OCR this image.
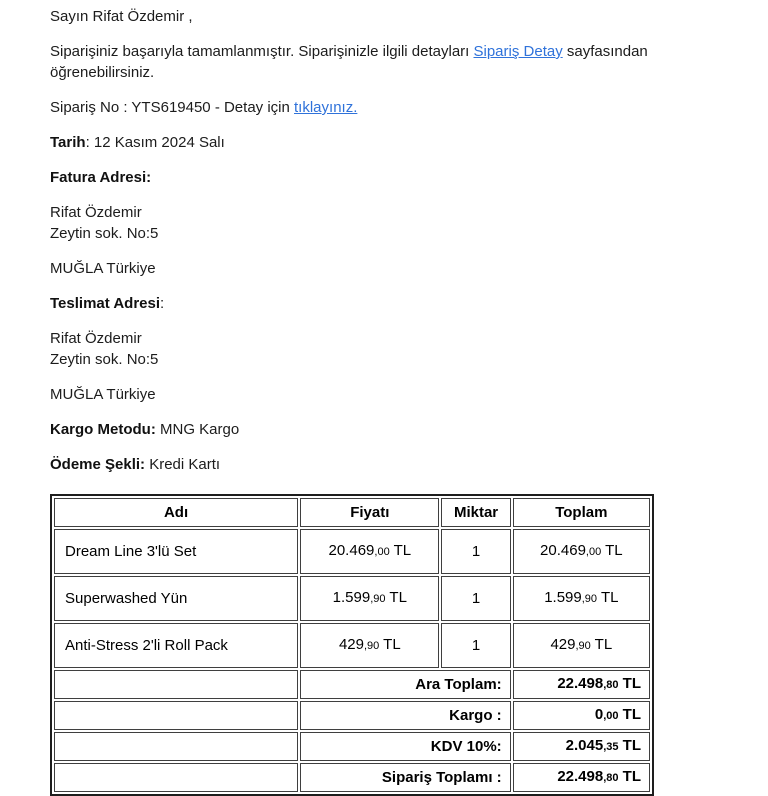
Sayın Rifat Özdemir ,

Siparişiniz başarıyla tamamlanmıştır. Siparişinizle ilgili detayları Sipariş Detay sayfasından öğrenebilirsiniz.

Sipariş No : YTS619450 - Detay için tıklayınız.

Tarih: 12 Kasım 2024 Salı

Fatura Adresi:

Rifat Özdemir
Zeytin sok. No:5

MUĞLA Türkiye

Teslimat Adresi:

Rifat Özdemir
Zeytin sok. No:5

MUĞLA Türkiye

Kargo Metodu: MNG Kargo

Ödeme Şekli: Kredi Kartı

Adı	Fiyatı	Miktar	Toplam
Dream Line 3'lü Set	20.469,00 TL	1	20.469,00 TL
Superwashed Yün	1.599,90 TL	1	1.599,90 TL
Anti-Stress 2'li Roll Pack	429,90 TL	1	429,90 TL
	Ara Toplam:		22.498,80 TL
	Kargo :		0,00 TL
	KDV 10%:		2.045,35 TL
	Sipariş Toplamı :		22.498,80 TL
